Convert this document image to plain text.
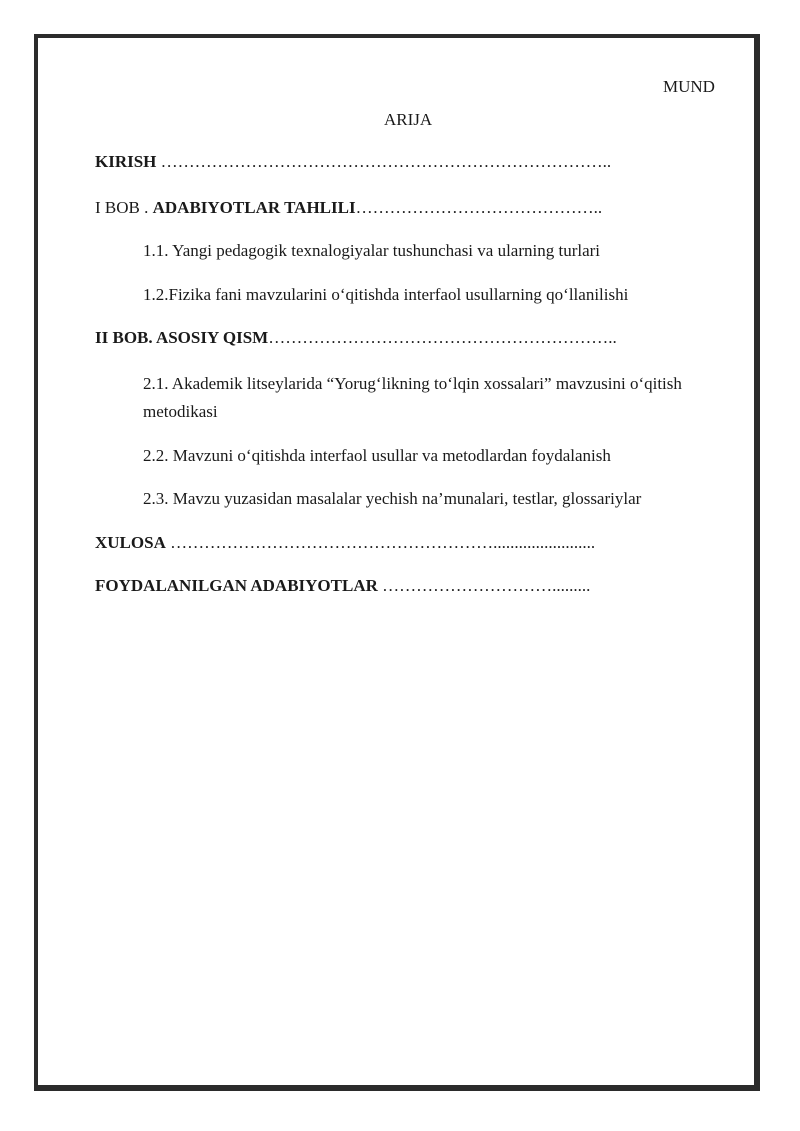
MUND
ARIJA
KIRISH ……………………………………………………………………..
I BOB . ADABIYOTLAR TAHLILI……………………………………..
1.1. Yangi pedagogik texnalogiyalar tushunchasi va ularning turlari
1.2.Fizika fani mavzularini o‘qitishda interfaol usullarning qo‘llanilishi
II BOB. ASOSIY QISM……………………………………………………..
2.1. Akademik litseylarida “Yorug‘likning to‘lqin xossalari” mavzusini o‘qitish metodikasi
2.2. Mavzuni o‘qitishda interfaol usullar va metodlardan foydalanish
2.3. Mavzu yuzasidan masalalar yechish na’munalari, testlar, glossariylar
XULOSA …………………………………………………........................
FOYDALANILGAN ADABIYOTLAR ………………………….........
